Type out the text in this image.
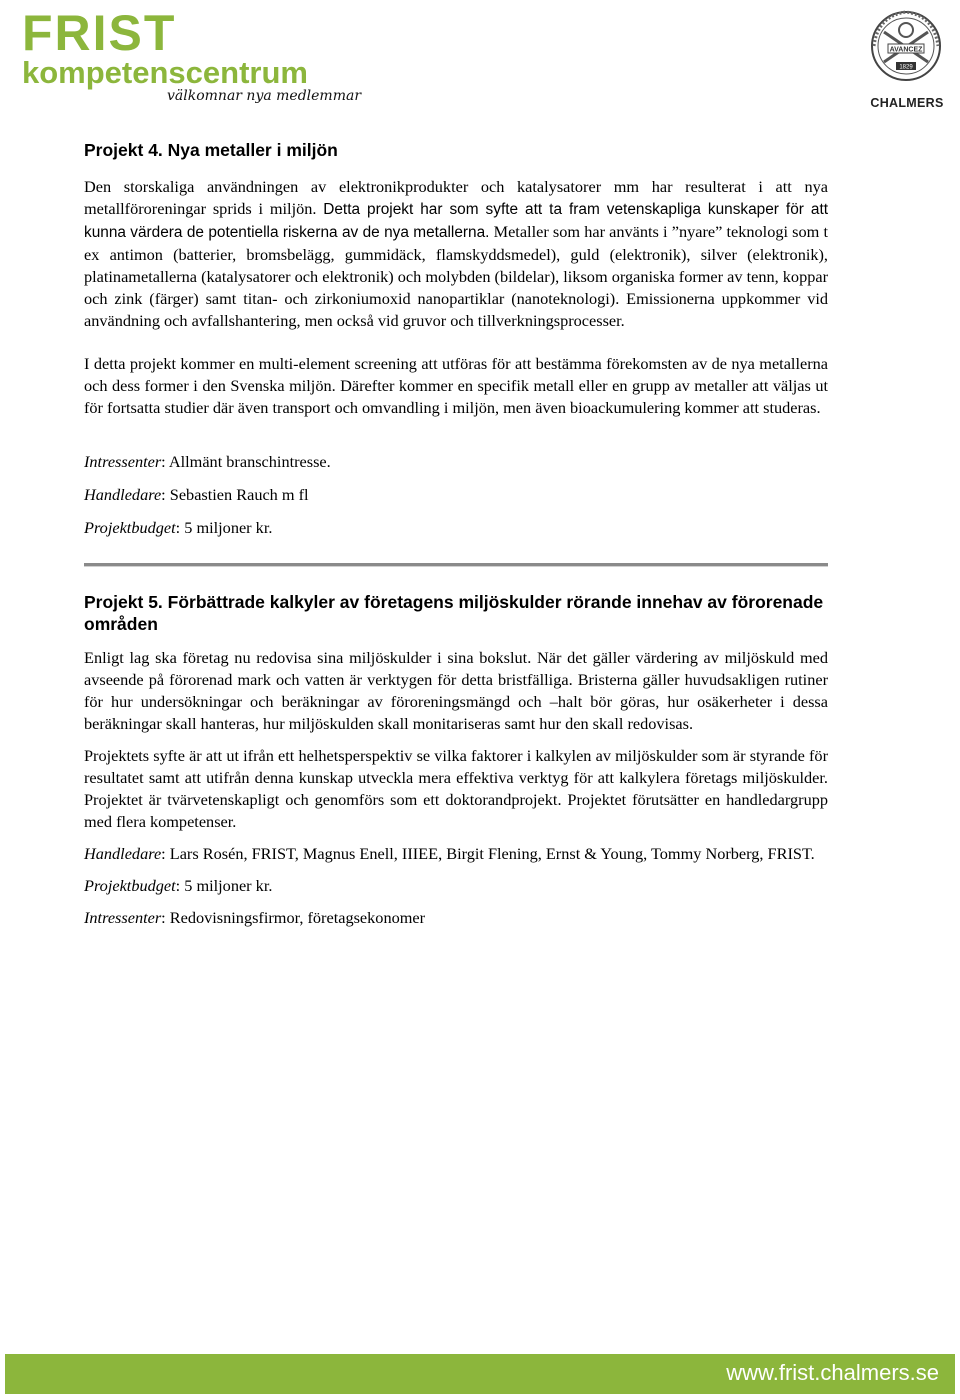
FRIST
kompetenscentrum
välkomnar nya medlemmar
AVANCEZ
1829
CHALMERS
Projekt 4. Nya metaller i miljön

Den storskaliga användningen av elektronikprodukter och katalysatorer mm har resulterat i att nya metallföroreningar sprids i miljön. Detta projekt har som syfte att ta fram vetenskapliga kunskaper för att kunna värdera de potentiella riskerna av de nya metallerna. Metaller som har använts i ”nyare” teknologi som t ex antimon (batterier, bromsbelägg, gummidäck, flamskyddsmedel), guld (elektronik), silver (elektronik), platinametallerna (katalysatorer och elektronik) och molybden (bildelar), liksom organiska former av tenn, koppar och zink (färger) samt titan- och zirkoniumoxid nanopartiklar (nanoteknologi). Emissionerna uppkommer vid användning och avfallshantering, men också vid gruvor och tillverkningsprocesser.

I detta projekt kommer en multi-element screening att utföras för att bestämma förekomsten av de nya metallerna och dess former i den Svenska miljön. Därefter kommer en specifik metall eller en grupp av metaller att väljas ut för fortsatta studier där även transport och omvandling i miljön, men även bioackumulering kommer att studeras.

Intressenter: Allmänt branschintresse.
Handledare: Sebastien Rauch m fl
Projektbudget: 5 miljoner kr.
Projekt 5. Förbättrade kalkyler av företagens miljöskulder rörande innehav av förorenade områden

Enligt lag ska företag nu redovisa sina miljöskulder i sina bokslut. När det gäller värdering av miljöskuld med avseende på förorenad mark och vatten är verktygen för detta bristfälliga. Bristerna gäller huvudsakligen rutiner för hur undersökningar och beräkningar av föroreningsmängd och –halt bör göras, hur osäkerheter i dessa beräkningar skall hanteras, hur miljöskulden skall monitariseras samt hur den skall redovisas.

Projektets syfte är att ut ifrån ett helhetsperspektiv se vilka faktorer i kalkylen av miljöskulder som är styrande för resultatet samt att utifrån denna kunskap utveckla mera effektiva verktyg för att kalkylera företags miljöskulder. Projektet är tvärvetenskapligt och genomförs som ett doktorandprojekt. Projektet förutsätter en handledargrupp med flera kompetenser.

Handledare: Lars Rosén, FRIST, Magnus Enell, IIIEE, Birgit Flening, Ernst & Young, Tommy Norberg, FRIST.
Projektbudget: 5 miljoner kr.
Intressenter: Redovisningsfirmor, företagsekonomer
www.frist.chalmers.se
